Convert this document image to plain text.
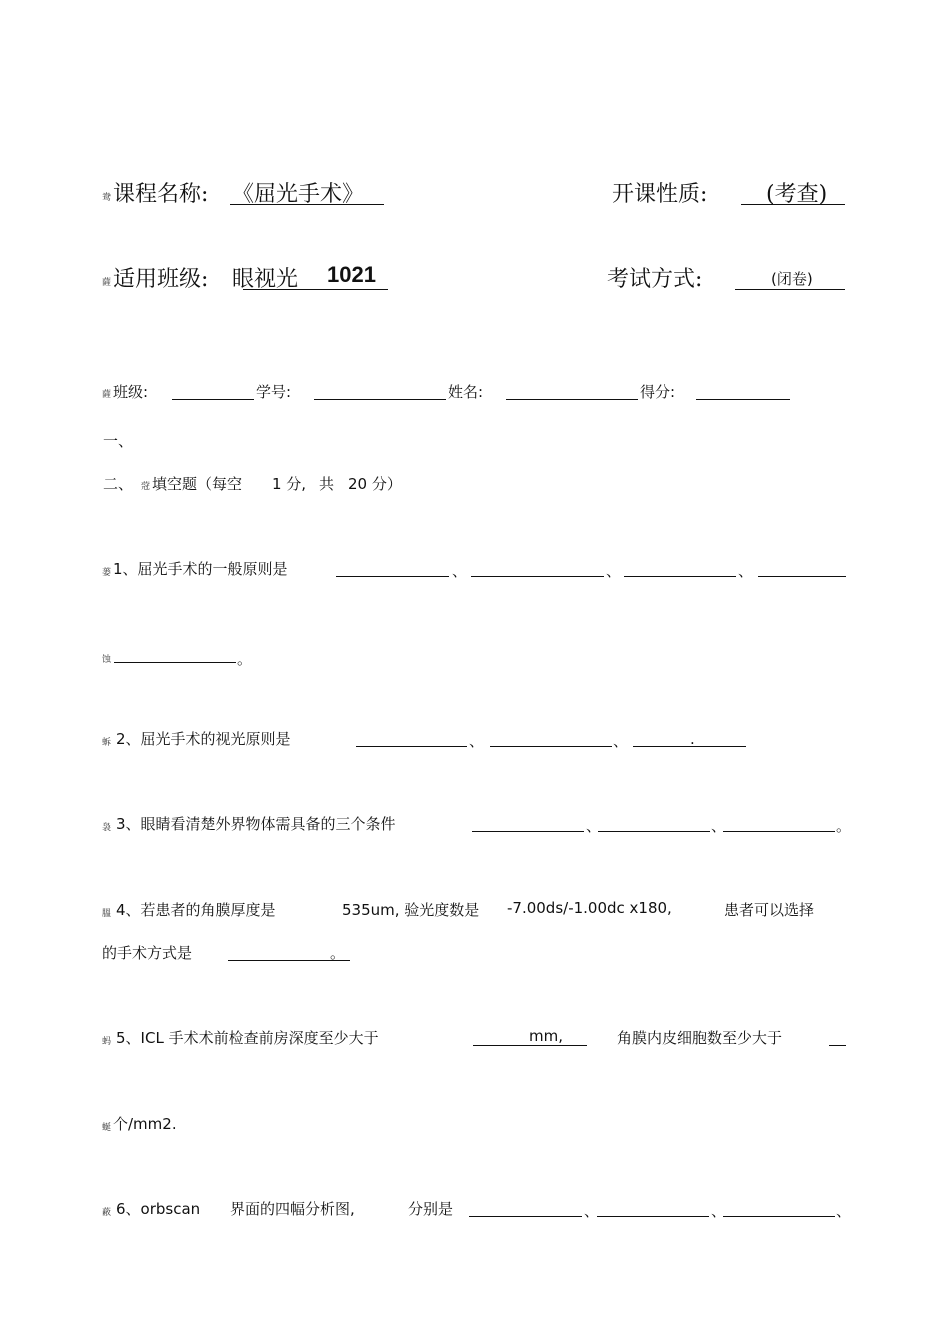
鸯 课程名称: 《屈光手术》	开课性质:	(考查)
薩 适用班级: 眼视光 1021	考试方式:	(闭卷)
薩 班级:	学号:	姓名:	得分:
一、
二、 蒄 填空题（每空 1 分, 共 20 分）
蒌 1、屈光手术的一般原则是	、	、	、
蚀	。
蚸 2、屈光手术的视光原则是	、	、	.
袅 3、眼睛看清楚外界物体需具备的三个条件	、	、	。
膃 4、若患者的角膜厚度是	535um, 验光度数是 -7.00ds/-1.00dc x180,	患者可以选择
的手术方式是	。
蚂 5、ICL 手术术前检查前房深度至少大于	mm,	角膜内皮细胞数至少大于
蜒 个/mm2.
蔽 6、orbscan 界面的四幅分析图,	分别是	、	、	、
